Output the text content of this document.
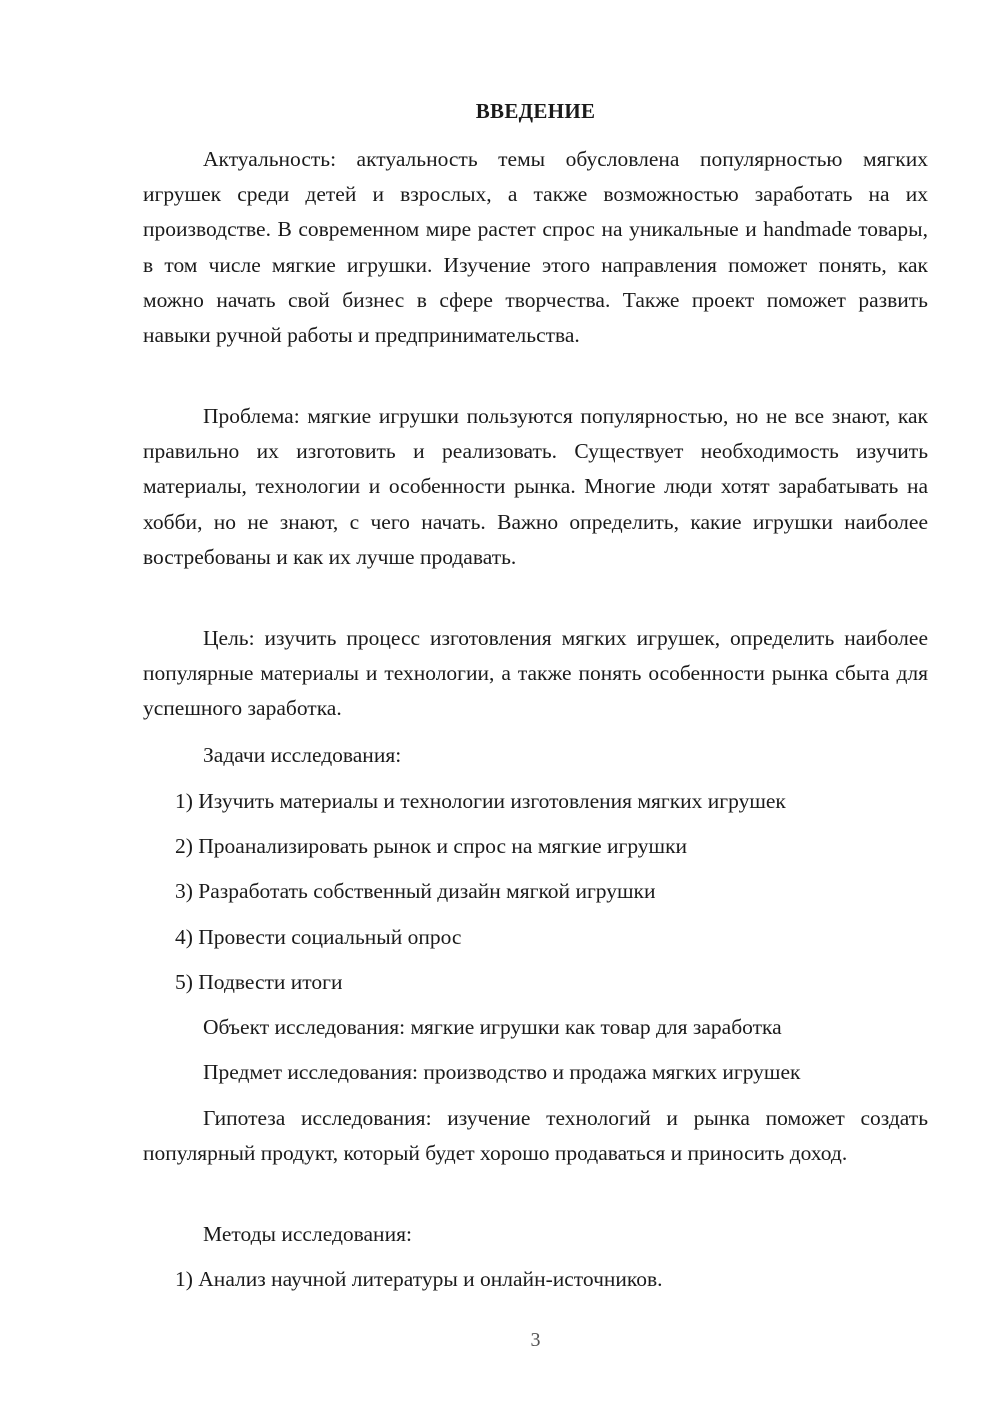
ВВЕДЕНИЕ

Актуальность: актуальность темы обусловлена популярностью мягких игрушек среди детей и взрослых, а также возможностью заработать на их производстве. В современном мире растет спрос на уникальные и handmade товары, в том числе мягкие игрушки. Изучение этого направления поможет понять, как можно начать свой бизнес в сфере творчества. Также проект поможет развить навыки ручной работы и предпринимательства.

Проблема: мягкие игрушки пользуются популярностью, но не все знают, как правильно их изготовить и реализовать. Существует необходимость изучить материалы, технологии и особенности рынка. Многие люди хотят зарабатывать на хобби, но не знают, с чего начать. Важно определить, какие игрушки наиболее востребованы и как их лучше продавать.

Цель: изучить процесс изготовления мягких игрушек, определить наиболее популярные материалы и технологии, а также понять особенности рынка сбыта для успешного заработка.

Задачи исследования:

1) Изучить материалы и технологии изготовления мягких игрушек

2) Проанализировать рынок и спрос на мягкие игрушки

3) Разработать собственный дизайн мягкой игрушки

4) Провести социальный опрос

5) Подвести итоги

Объект исследования: мягкие игрушки как товар для заработка

Предмет исследования: производство и продажа мягких игрушек

Гипотеза исследования: изучение технологий и рынка поможет создать популярный продукт, который будет хорошо продаваться и приносить доход.

Методы исследования:

1) Анализ научной литературы и онлайн-источников.

3
